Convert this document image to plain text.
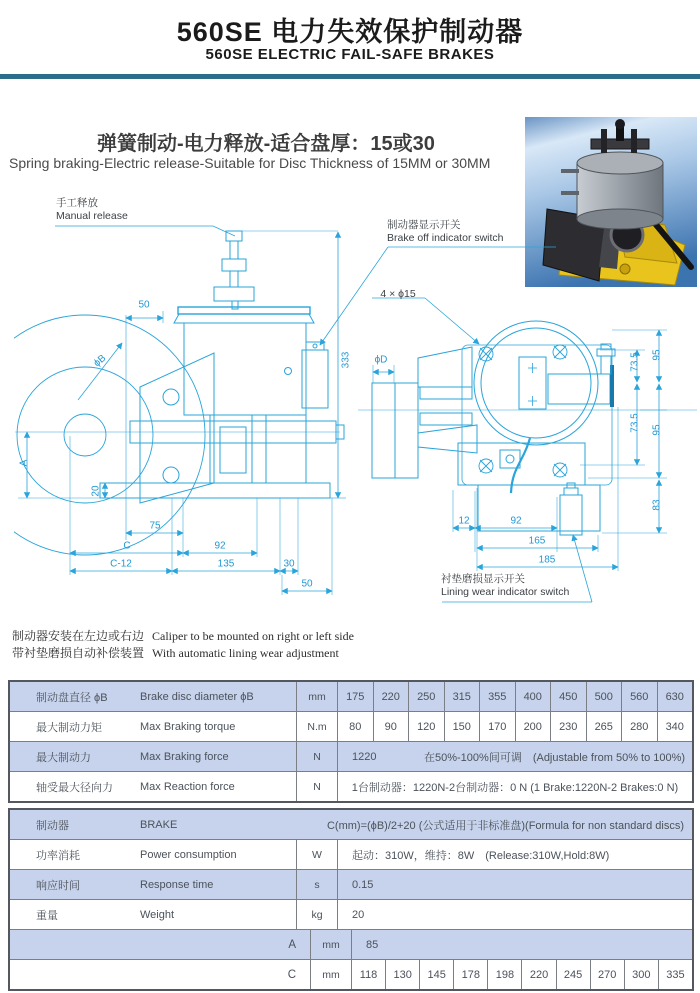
560SE 电力失效保护制动器
560SE ELECTRIC FAIL-SAFE BRAKES
弹簧制动-电力释放-适合盘厚：15或30
Spring braking-Electric release-Suitable for Disc Thickness of 15MM or 30MM
手工释放
Manual release
制动器显示开关
Brake off indicator switch
衬垫磨损显示开关
Lining wear indicator switch
50
ϕB
A
20
75
C	92
C-12	135	30
50
333
4 × ϕ15
ϕD	73.5 95
73.5 95
83
12	92
165
185
制动器安装在左边或右边 Caliper to be mounted on right or left side
带衬垫磨损自动补偿装置 With automatic lining wear adjustment
制动盘直径 ϕB	Brake disc diameter ϕB	mm	175	220	250	315	355	400	450	500	560	630
最大制动力矩	Max Braking torque	N.m	80	90	120	150	170	200	230	265	280	340
最大制动力	Max Braking force	N	1220	在50%-100%间可调　(Adjustable from 50% to 100%)
轴受最大径向力	Max Reaction force	N	1台制动器：1220N-2台制动器：0 N (1 Brake:1220N-2 Brakes:0 N)
制动器	BRAKE	C(mm)=(ϕB)/2+20 (公式适用于非标准盘)(Formula for non standard discs)
功率消耗	Power consumption	W	起动：310W，维持：8W　(Release:310W,Hold:8W)
响应时间	Response time	s	0.15
重量	Weight	kg	20
A	mm	85
C	mm	118	130	145	178	198	220	245	270	300	335
